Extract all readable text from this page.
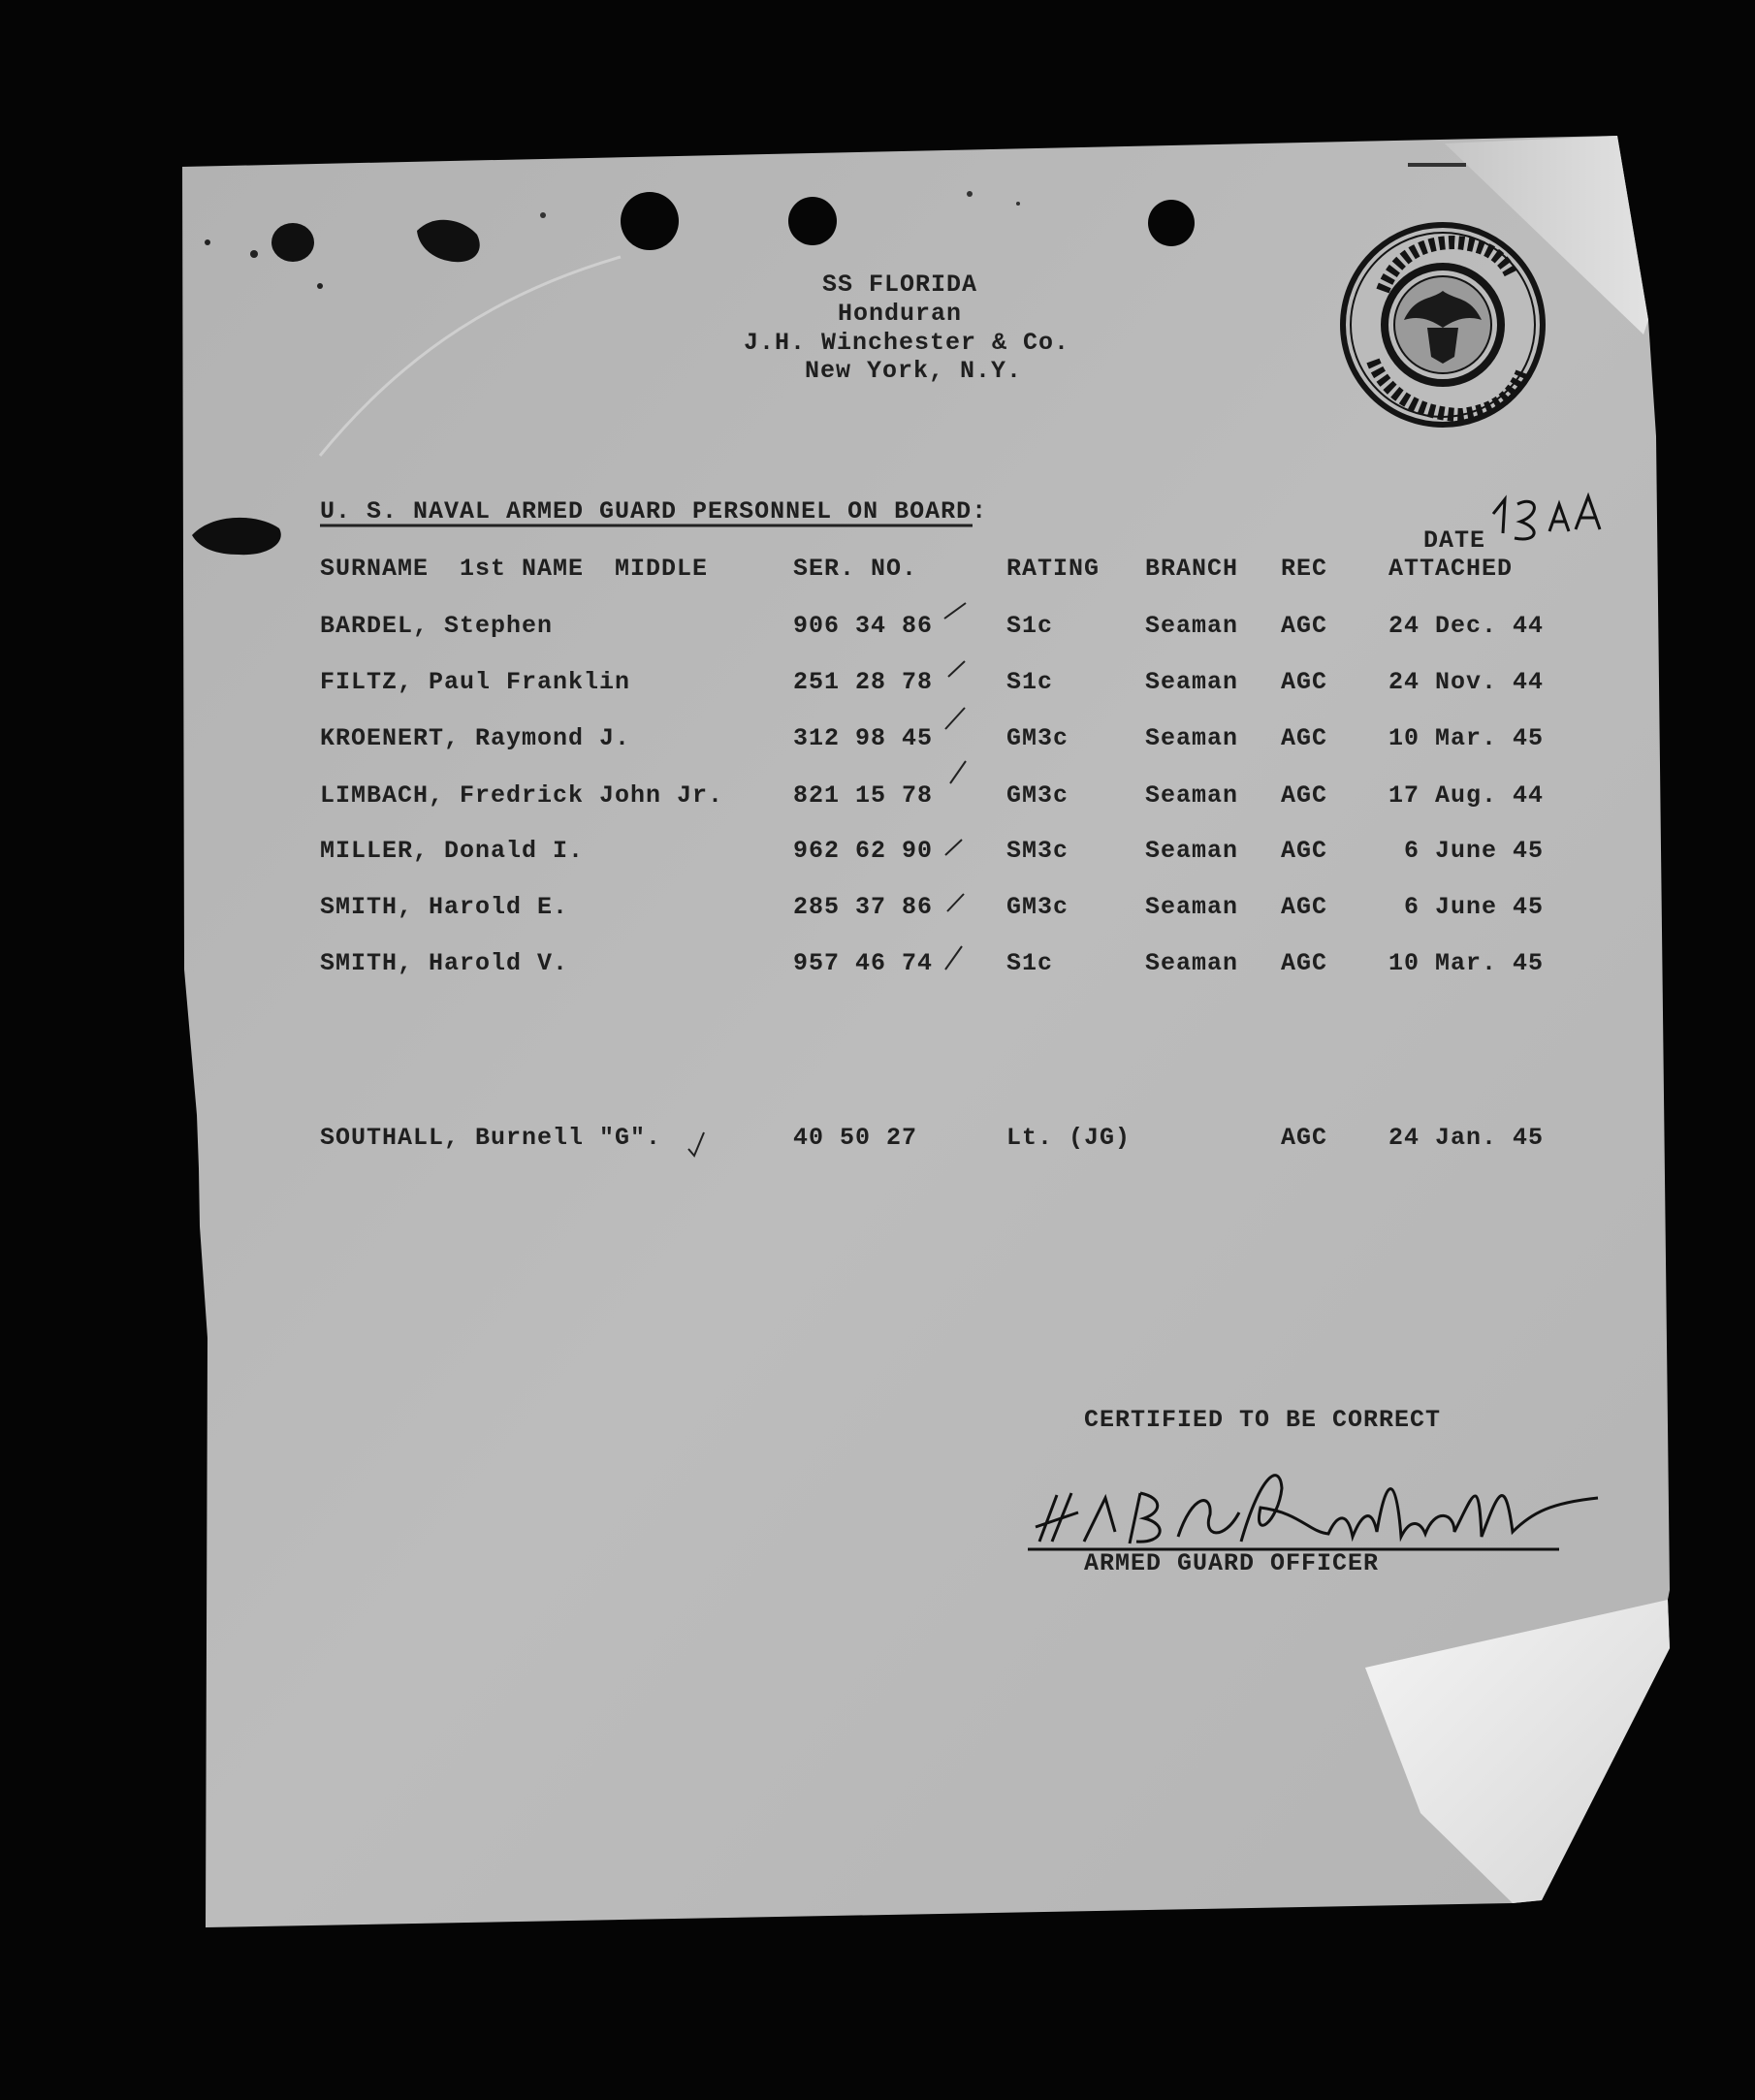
SS FLORIDA
Honduran
J.H. Winchester & Co.
New York, N.Y.
U. S. NAVAL ARMED GUARD PERSONNEL ON BOARD:
SURNAME  1st NAME  MIDDLE	SER. NO.	RATING BRANCH REC
DATE
ATTACHED
BARDEL, Stephen	906 34 86	S1c	Seaman AGC	24 Dec. 44
FILTZ, Paul Franklin	251 28 78	S1c	Seaman AGC	24 Nov. 44
KROENERT, Raymond J.	312 98 45	GM3c	Seaman AGC	10 Mar. 45
LIMBACH, Fredrick John Jr.	821 15 78	GM3c	Seaman AGC	17 Aug. 44
MILLER, Donald I.	962 62 90	SM3c	Seaman AGC	6 June 45
SMITH, Harold E.	285 37 86	GM3c	Seaman AGC	6 June 45
SMITH, Harold V.	957 46 74	S1c	Seaman AGC	10 Mar. 45
SOUTHALL, Burnell "G".	40 50 27	Lt. (JG)	AGC	24 Jan. 45
CERTIFIED TO BE CORRECT
ARMED GUARD OFFICER
